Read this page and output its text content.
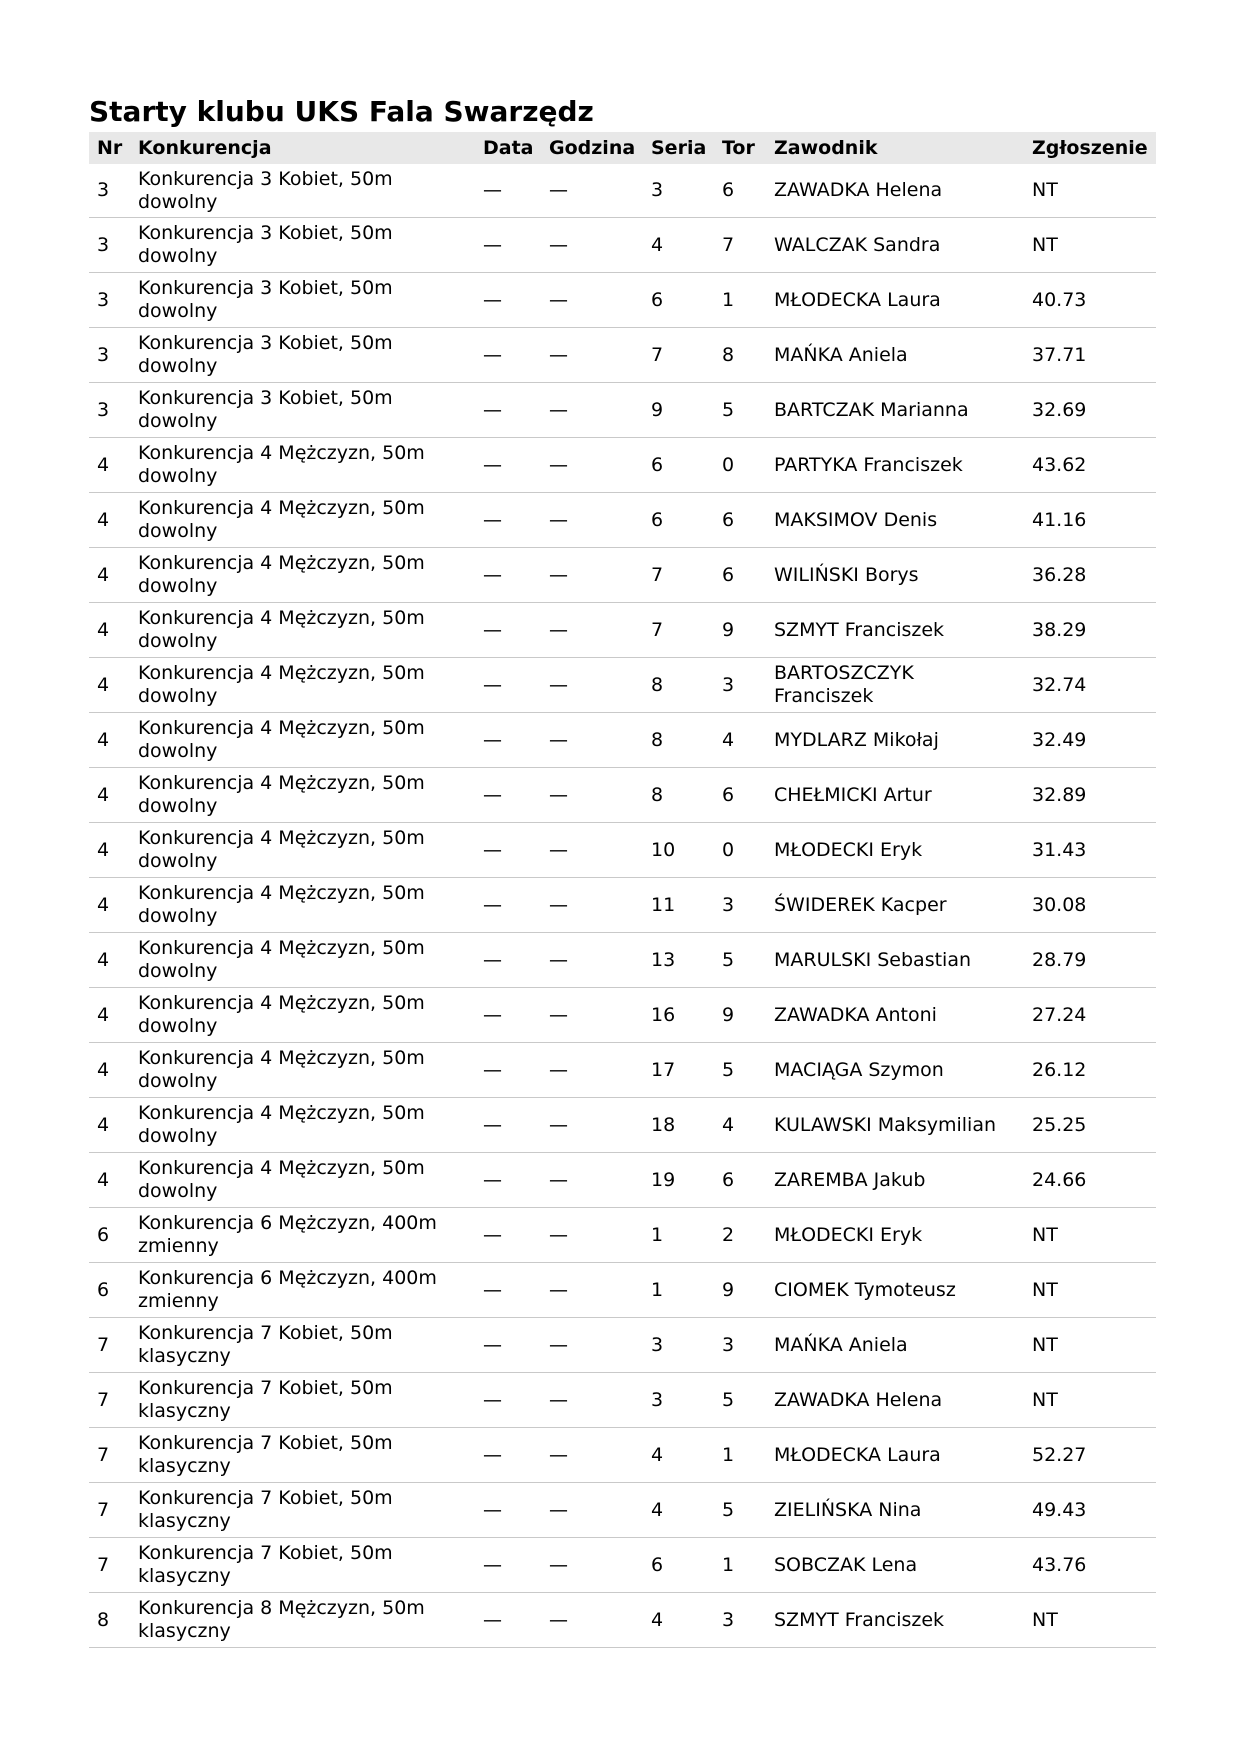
Starty klubu UKS Fala Swarzędz
Nr	Konkurencja	Data	Godzina	Seria	Tor	Zawodnik	Zgłoszenie
3	Konkurencja 3 Kobiet, 50m dowolny	—	—	3	6	ZAWADKA Helena	NT
3	Konkurencja 3 Kobiet, 50m dowolny	—	—	4	7	WALCZAK Sandra	NT
3	Konkurencja 3 Kobiet, 50m dowolny	—	—	6	1	MŁODECKA Laura	40.73
3	Konkurencja 3 Kobiet, 50m dowolny	—	—	7	8	MAŃKA Aniela	37.71
3	Konkurencja 3 Kobiet, 50m dowolny	—	—	9	5	BARTCZAK Marianna	32.69
4	Konkurencja 4 Mężczyzn, 50m dowolny	—	—	6	0	PARTYKA Franciszek	43.62
4	Konkurencja 4 Mężczyzn, 50m dowolny	—	—	6	6	MAKSIMOV Denis	41.16
4	Konkurencja 4 Mężczyzn, 50m dowolny	—	—	7	6	WILIŃSKI Borys	36.28
4	Konkurencja 4 Mężczyzn, 50m dowolny	—	—	7	9	SZMYT Franciszek	38.29
4	Konkurencja 4 Mężczyzn, 50m dowolny	—	—	8	3	BARTOSZCZYK Franciszek	32.74
4	Konkurencja 4 Mężczyzn, 50m dowolny	—	—	8	4	MYDLARZ Mikołaj	32.49
4	Konkurencja 4 Mężczyzn, 50m dowolny	—	—	8	6	CHEŁMICKI Artur	32.89
4	Konkurencja 4 Mężczyzn, 50m dowolny	—	—	10	0	MŁODECKI Eryk	31.43
4	Konkurencja 4 Mężczyzn, 50m dowolny	—	—	11	3	ŚWIDEREK Kacper	30.08
4	Konkurencja 4 Mężczyzn, 50m dowolny	—	—	13	5	MARULSKI Sebastian	28.79
4	Konkurencja 4 Mężczyzn, 50m dowolny	—	—	16	9	ZAWADKA Antoni	27.24
4	Konkurencja 4 Mężczyzn, 50m dowolny	—	—	17	5	MACIĄGA Szymon	26.12
4	Konkurencja 4 Mężczyzn, 50m dowolny	—	—	18	4	KULAWSKI Maksymilian	25.25
4	Konkurencja 4 Mężczyzn, 50m dowolny	—	—	19	6	ZAREMBA Jakub	24.66
6	Konkurencja 6 Mężczyzn, 400m zmienny	—	—	1	2	MŁODECKI Eryk	NT
6	Konkurencja 6 Mężczyzn, 400m zmienny	—	—	1	9	CIOMEK Tymoteusz	NT
7	Konkurencja 7 Kobiet, 50m klasyczny	—	—	3	3	MAŃKA Aniela	NT
7	Konkurencja 7 Kobiet, 50m klasyczny	—	—	3	5	ZAWADKA Helena	NT
7	Konkurencja 7 Kobiet, 50m klasyczny	—	—	4	1	MŁODECKA Laura	52.27
7	Konkurencja 7 Kobiet, 50m klasyczny	—	—	4	5	ZIELIŃSKA Nina	49.43
7	Konkurencja 7 Kobiet, 50m klasyczny	—	—	6	1	SOBCZAK Lena	43.76
8	Konkurencja 8 Mężczyzn, 50m klasyczny	—	—	4	3	SZMYT Franciszek	NT
